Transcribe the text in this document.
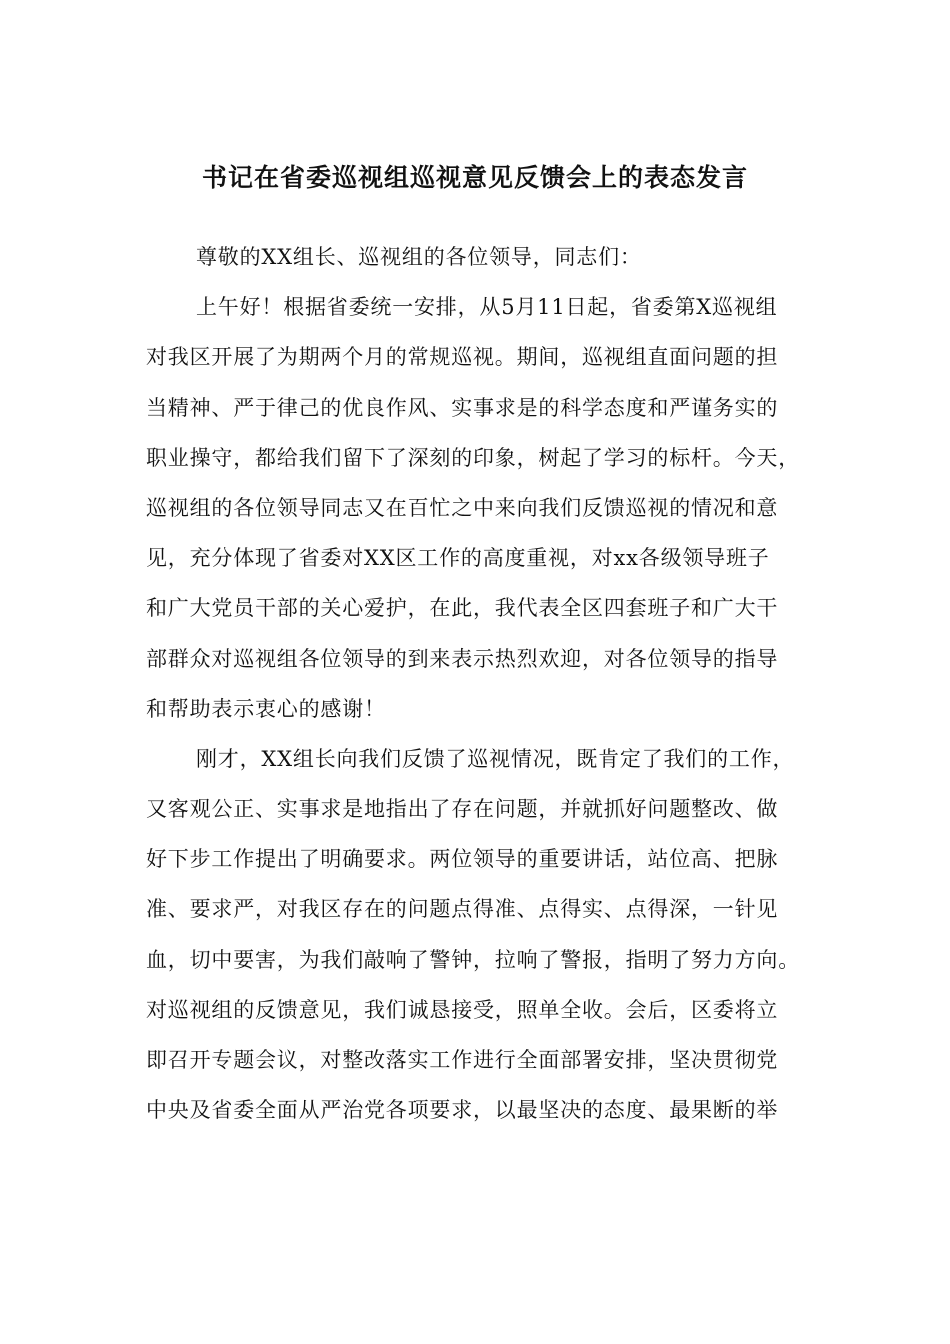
书记在省委巡视组巡视意见反馈会上的表态发言
尊敬的XX组长、巡视组的各位领导，同志们：
上午好！根据省委统一安排，从5月11日起，省委第X巡视组
对我区开展了为期两个月的常规巡视。期间，巡视组直面问题的担
当精神、严于律己的优良作风、实事求是的科学态度和严谨务实的
职业操守，都给我们留下了深刻的印象，树起了学习的标杆。今天，
巡视组的各位领导同志又在百忙之中来向我们反馈巡视的情况和意
见，充分体现了省委对XX区工作的高度重视，对xx各级领导班子
和广大党员干部的关心爱护，在此，我代表全区四套班子和广大干
部群众对巡视组各位领导的到来表示热烈欢迎，对各位领导的指导
和帮助表示衷心的感谢！
刚才，XX组长向我们反馈了巡视情况，既肯定了我们的工作，
又客观公正、实事求是地指出了存在问题，并就抓好问题整改、做
好下步工作提出了明确要求。两位领导的重要讲话，站位高、把脉
准、要求严，对我区存在的问题点得准、点得实、点得深，一针见
血，切中要害，为我们敲响了警钟，拉响了警报，指明了努力方向。
对巡视组的反馈意见，我们诚恳接受，照单全收。会后，区委将立
即召开专题会议，对整改落实工作进行全面部署安排，坚决贯彻党
中央及省委全面从严治党各项要求，以最坚决的态度、最果断的举
